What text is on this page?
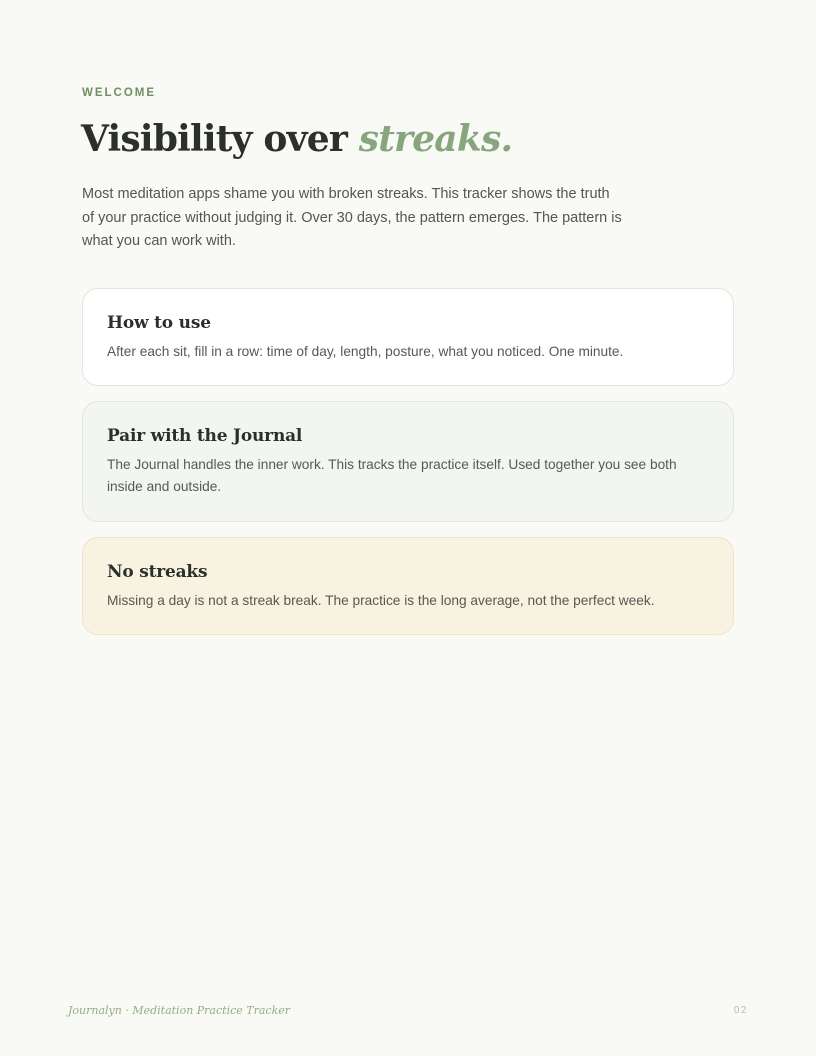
WELCOME

Visibility over streaks.

Most meditation apps shame you with broken streaks. This tracker shows the truth of your practice without judging it. Over 30 days, the pattern emerges. The pattern is what you can work with.

How to use

After each sit, fill in a row: time of day, length, posture, what you noticed. One minute.

Pair with the Journal

The Journal handles the inner work. This tracks the practice itself. Used together you see both inside and outside.

No streaks

Missing a day is not a streak break. The practice is the long average, not the perfect week.

Journalyn · Meditation Practice Tracker	02
